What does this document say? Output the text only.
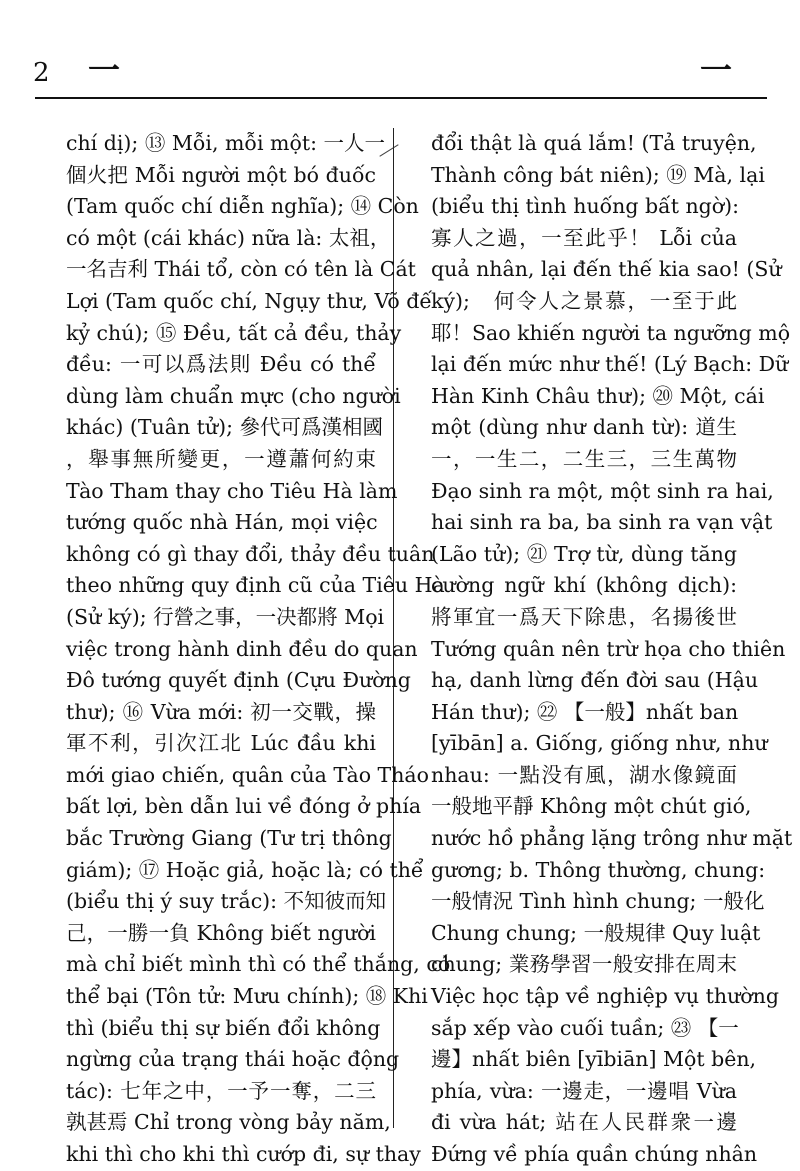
2 一	一
chí dị); ⑬ Mỗi, mỗi một: 一人一
個火把 Mỗi người một bó đuốc
(Tam quốc chí diễn nghĩa); ⑭ Còn
có một (cái khác) nữa là: 太祖，
一名吉利 Thái tổ, còn có tên là Cát
Lợi (Tam quốc chí, Ngụy thư, Võ đế
kỷ chú); ⑮ Đều, tất cả đều, thảy
đều: 一可以爲法則 Đều có thể
dùng làm chuẩn mực (cho người
khác) (Tuân tử); 參代可爲漢相國
，舉事無所變更，一遵蕭何約束
Tào Tham thay cho Tiêu Hà làm
tướng quốc nhà Hán, mọi việc
không có gì thay đổi, thảy đều tuân
theo những quy định cũ của Tiêu Hà
(Sử ký); 行營之事，一决都將 Mọi
việc trong hành dinh đều do quan
Đô tướng quyết định (Cựu Đường
thư); ⑯ Vừa mới: 初一交戰，操
軍不利，引次江北 Lúc đầu khi
mới giao chiến, quân của Tào Tháo
bất lợi, bèn dẫn lui về đóng ở phía
bắc Trường Giang (Tư trị thông
giám); ⑰ Hoặc giả, hoặc là; có thể
(biểu thị ý suy trắc): 不知彼而知
己，一勝一負 Không biết người
mà chỉ biết mình thì có thể thắng, có
thể bại (Tôn tử: Mưu chính); ⑱ Khi
thì (biểu thị sự biến đổi không
ngừng của trạng thái hoặc động
tác): 七年之中，一予一奪，二三
孰甚焉 Chỉ trong vòng bảy năm,
khi thì cho khi thì cướp đi, sự thay
đổi thật là quá lắm! (Tả truyện,
Thành công bát niên); ⑲ Mà, lại
(biểu thị tình huống bất ngờ):
寡人之過，一至此乎！ Lỗi của
quả nhân, lại đến thế kia sao! (Sử
ký);　何令人之景慕，一至于此
耶！Sao khiến người ta ngưỡng mộ
lại đến mức như thế! (Lý Bạch: Dữ
Hàn Kinh Châu thư); ⑳ Một, cái
một (dùng như danh từ): 道生
一，一生二，二生三，三生萬物
Đạo sinh ra một, một sinh ra hai,
hai sinh ra ba, ba sinh ra vạn vật
(Lão tử); ㉑ Trợ từ, dùng tăng
cường ngữ khí (không dịch):
將軍宜一爲天下除患，名揚後世
Tướng quân nên trừ họa cho thiên
hạ, danh lừng đến đời sau (Hậu
Hán thư); ㉒ 【一般】nhất ban
[yībān] a. Giống, giống như, như
nhau: 一點没有風，湖水像鏡面
一般地平靜 Không một chút gió,
nước hồ phẳng lặng trông như mặt
gương; b. Thông thường, chung:
一般情況 Tình hình chung; 一般化
Chung chung; 一般規律 Quy luật
chung; 業務學習一般安排在周末
Việc học tập về nghiệp vụ thường
sắp xếp vào cuối tuần; ㉓ 【一
邊】nhất biên [yībiān] Một bên,
phía, vừa: 一邊走，一邊唱 Vừa
đi vừa hát; 站在人民群衆一邊
Đứng về phía quần chúng nhân
